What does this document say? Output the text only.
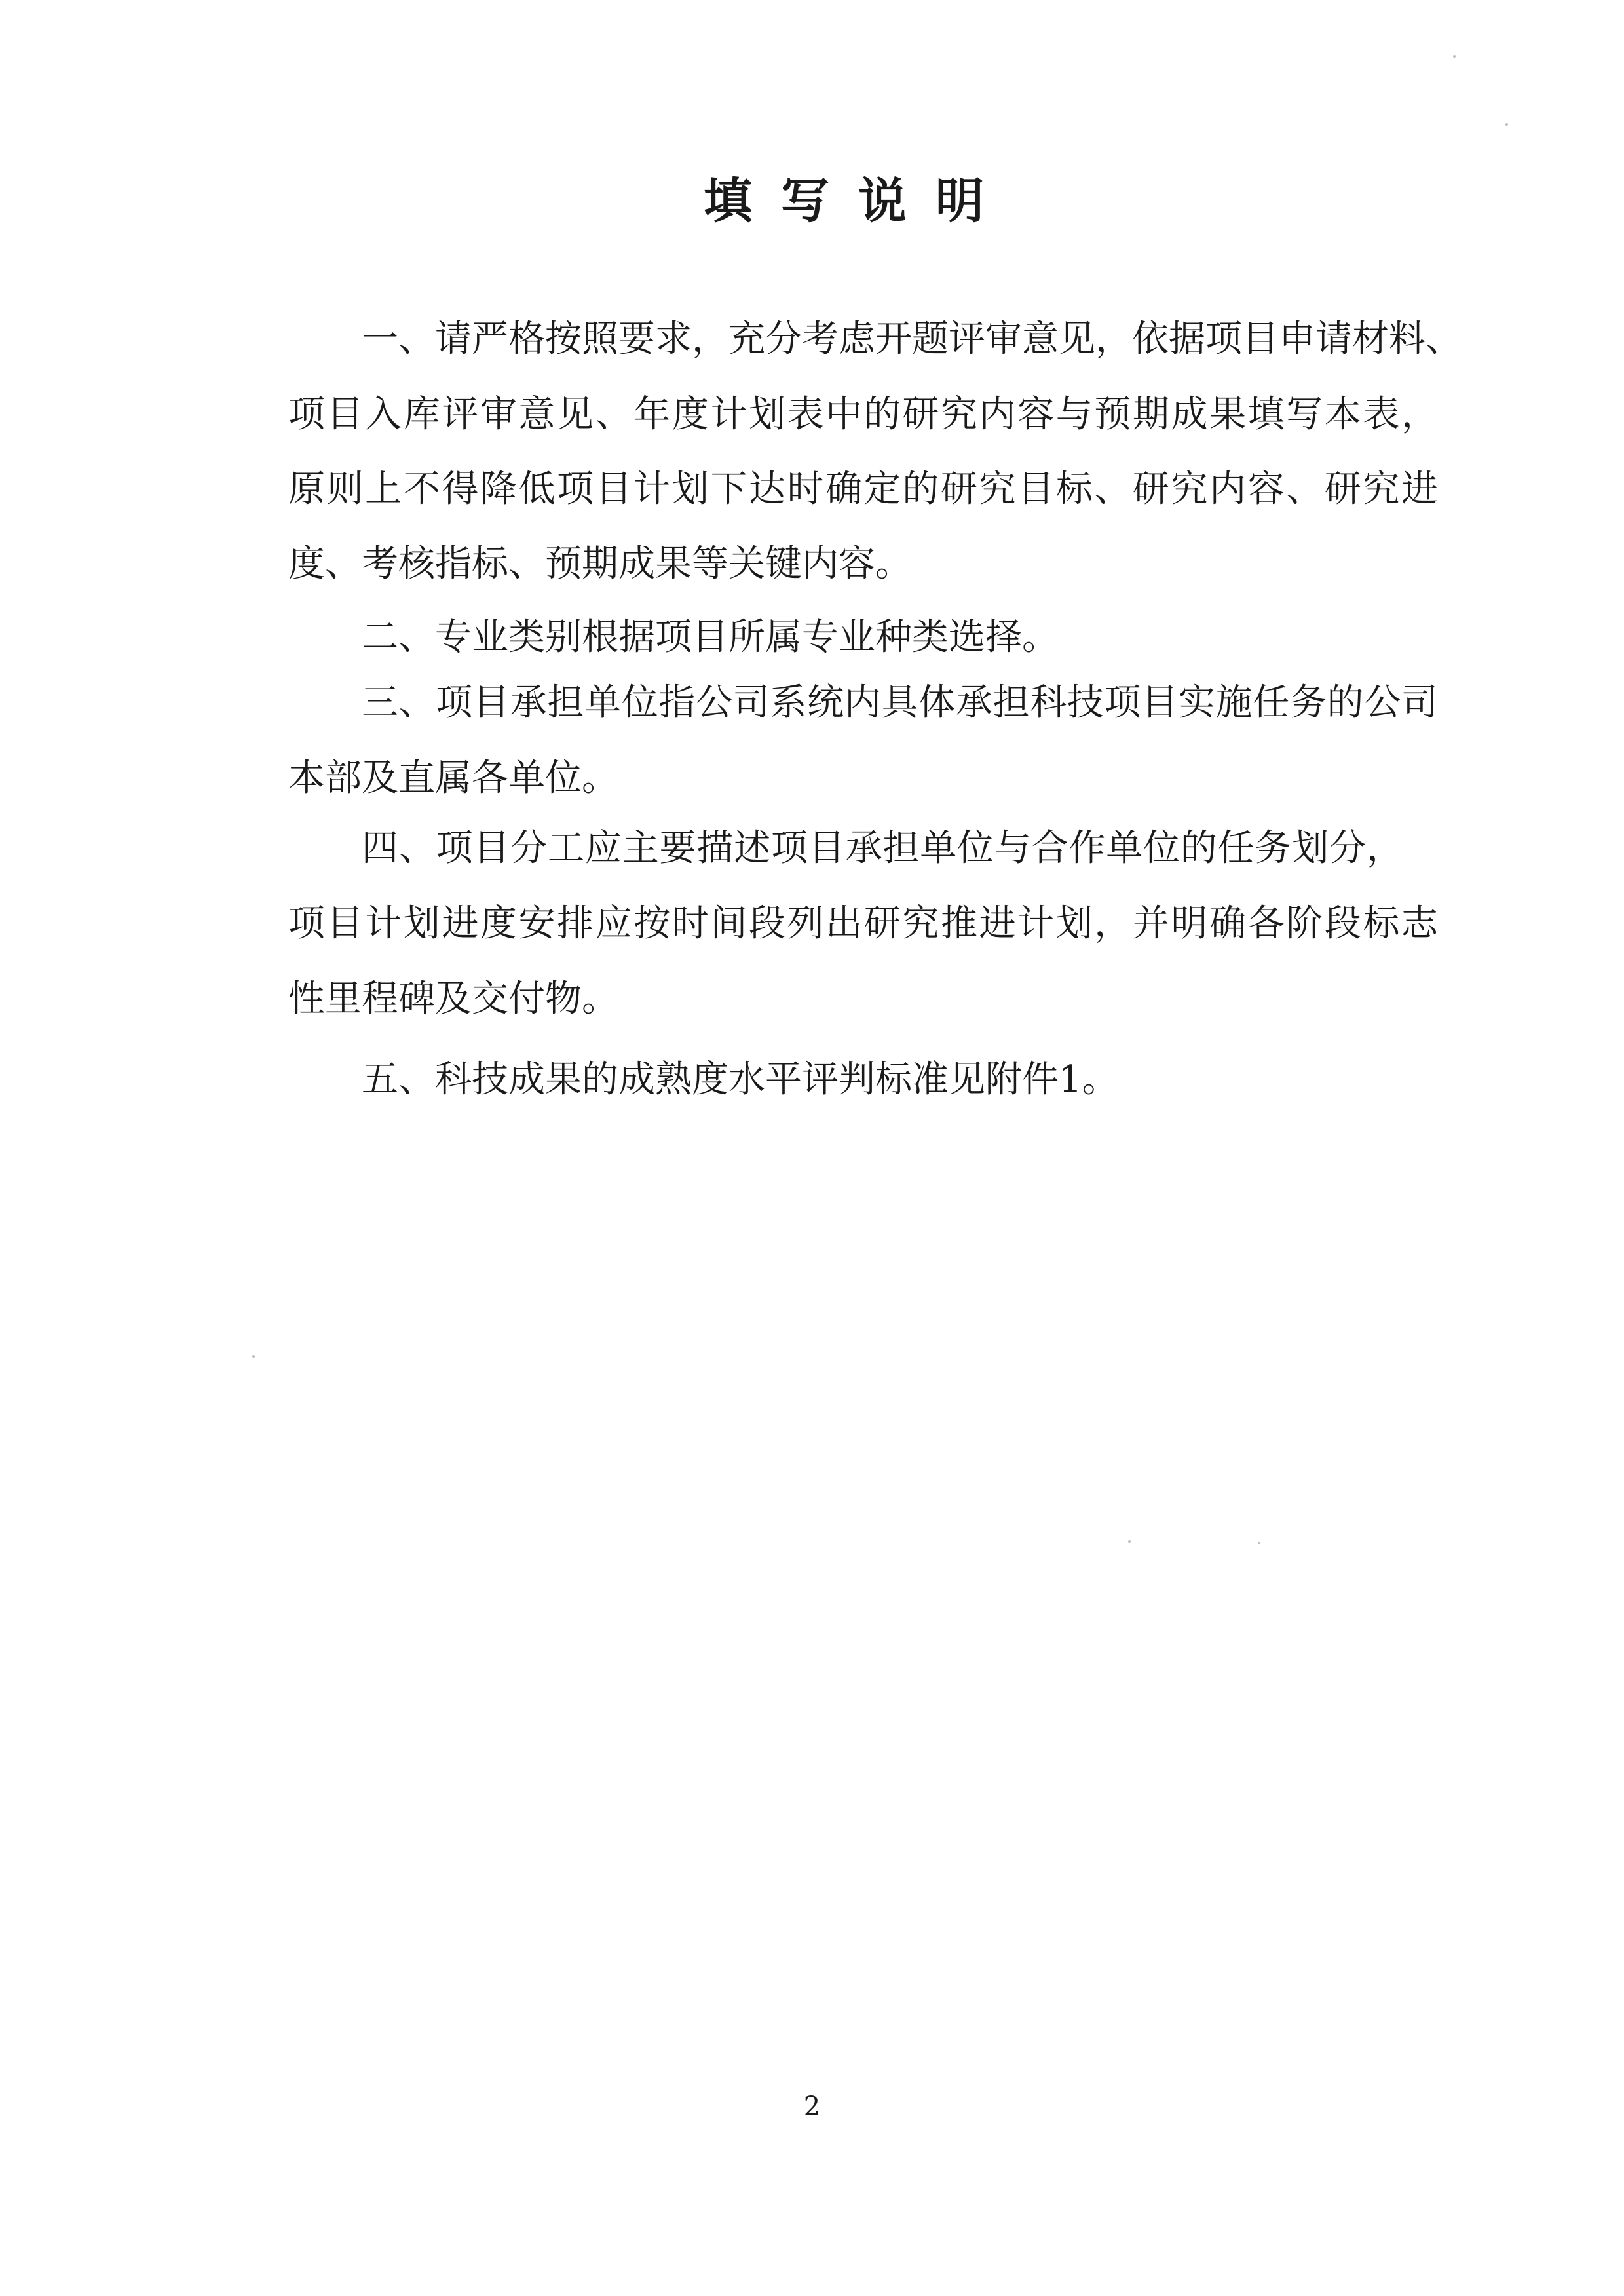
填写说明
一、请严格按照要求，充分考虑开题评审意见，依据项目申请材料、
项目入库评审意见、年度计划表中的研究内容与预期成果填写本表，
原则上不得降低项目计划下达时确定的研究目标、研究内容、研究进
度、考核指标、预期成果等关键内容。
二、专业类别根据项目所属专业种类选择。
三、项目承担单位指公司系统内具体承担科技项目实施任务的公司
本部及直属各单位。
四、项目分工应主要描述项目承担单位与合作单位的任务划分，
项目计划进度安排应按时间段列出研究推进计划，并明确各阶段标志
性里程碑及交付物。
五、科技成果的成熟度水平评判标准见附件1。
2
